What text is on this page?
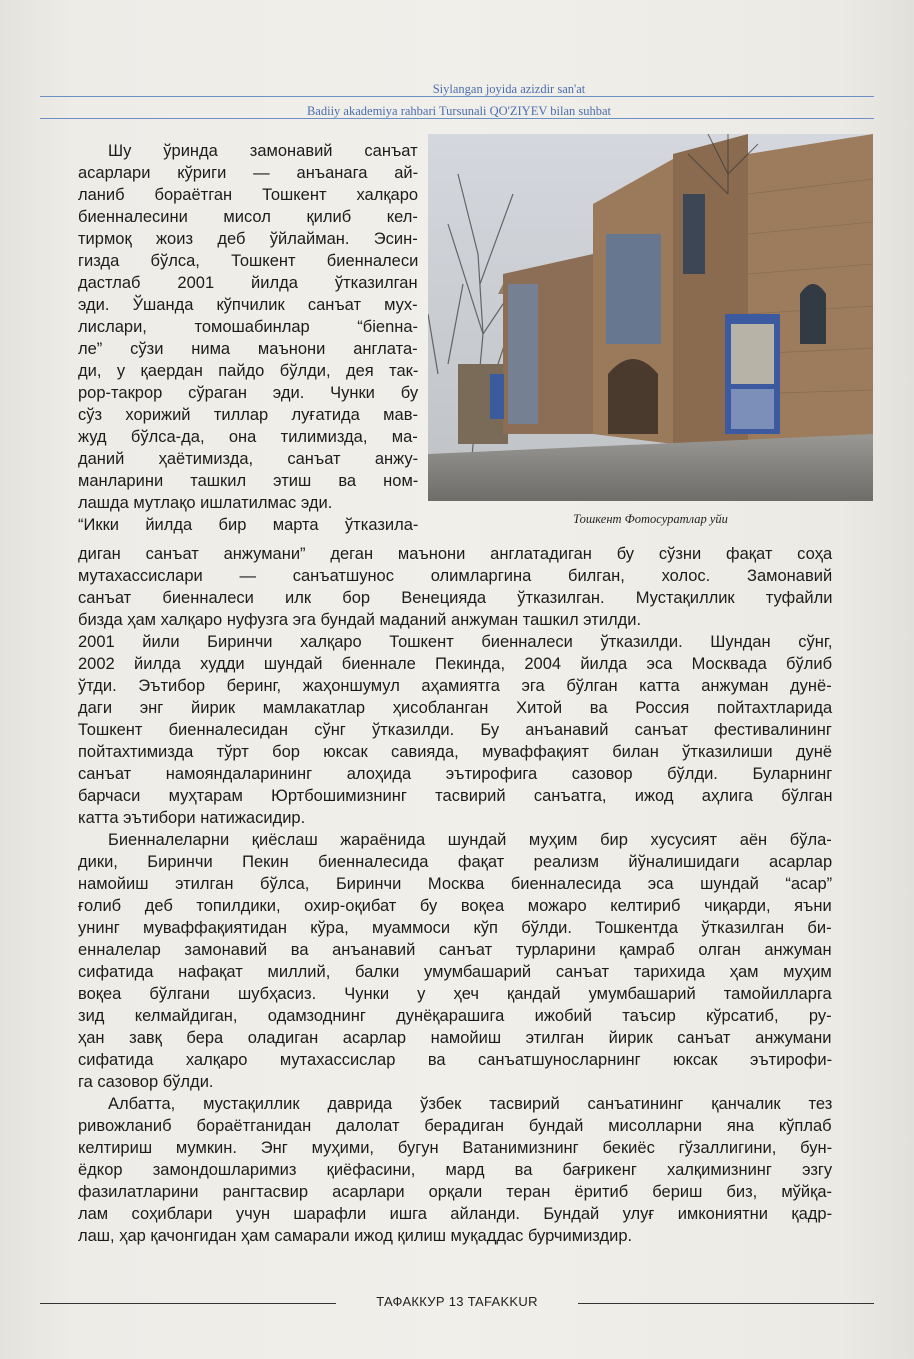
Siylangan joyida azizdir san'at
Badiiy akademiya rahbari Tursunali QO'ZIYEV bilan suhbat
Тошкент Фотосуратлар уйи
Шу ўринда замонавий санъат
асарлари кўриги — анъанага ай-
ланиб бораётган Тошкент халқаро
биенналесини мисол қилиб кел-
тирмоқ жоиз деб ўйлайман. Эсин-
гизда бўлса, Тошкент биенналеси
дастлаб 2001 йилда ўтказилган
эди. Ўшанда кўпчилик санъат мух-
лислари, томошабинлар “бienна-
ле” сўзи нима маънони англата-
ди, у қаердан пайдо бўлди, дея так-
рор-такрор сўраган эди. Чунки бу
сўз хорижий тиллар луғатида мав-
жуд бўлса-да, она тилимизда, ма-
даний ҳаётимизда, санъат анжу-
манларини ташкил этиш ва ном-
лашда мутлақо ишлатилмас эди.
“Икки йилда бир марта ўтказила-
диган санъат анжумани” деган маънони англатадиган бу сўзни фақат соҳа
мутахассислари — санъатшунос олимларгина билган, холос. Замонавий
санъат биенналеси илк бор Венецияда ўтказилган. Мустақиллик туфайли
бизда ҳам халқаро нуфузга эга бундай маданий анжуман ташкил этилди.
2001 йили Биринчи халқаро Тошкент биенналеси ўтказилди. Шундан сўнг,
2002 йилда худди шундай биеннале Пекинда, 2004 йилда эса Москвада бўлиб
ўтди. Эътибор беринг, жаҳоншумул аҳамиятга эга бўлган катта анжуман дунё-
даги энг йирик мамлакатлар ҳисобланган Хитой ва Россия пойтахтларида
Тошкент биенналесидан сўнг ўтказилди. Бу анъанавий санъат фестивалининг
пойтахтимизда тўрт бор юксак савияда, муваффақият билан ўтказилиши дунё
санъат намояндаларининг алоҳида эътирофига сазовор бўлди. Буларнинг
барчаси муҳтарам Юртбошимизнинг тасвирий санъатга, ижод аҳлига бўлган
катта эътибори натижасидир.
Биенналеларни қиёслаш жараёнида шундай муҳим бир хусусият аён бўла-
дики, Биринчи Пекин биенналесида фақат реализм йўналишидаги асарлар
намойиш этилган бўлса, Биринчи Москва биенналесида эса шундай “асар”
ғолиб деб топилдики, охир-оқибат бу воқеа можаро келтириб чиқарди, яъни
унинг муваффақиятидан кўра, муаммоси кўп бўлди. Тошкентда ўтказилган би-
енналелар замонавий ва анъанавий санъат турларини қамраб олган анжуман
сифатида нафақат миллий, балки умумбашарий санъат тарихида ҳам муҳим
воқеа бўлгани шубҳасиз. Чунки у ҳеч қандай умумбашарий тамойилларга
зид келмайдиган, одамзоднинг дунёқарашига ижобий таъсир кўрсатиб, ру-
ҳан завқ бера оладиган асарлар намойиш этилган йирик санъат анжумани
сифатида халқаро мутахассислар ва санъатшуносларнинг юксак эътирофи-
га сазовор бўлди.
Албатта, мустақиллик даврида ўзбек тасвирий санъатининг қанчалик тез
ривожланиб бораётганидан далолат берадиган бундай мисолларни яна кўплаб
келтириш мумкин. Энг муҳими, бугун Ватанимизнинг бекиёс гўзаллигини, бун-
ёдкор замондошларимиз қиёфасини, мард ва бағрикенг халқимизнинг эзгу
фазилатларини рангтасвир асарлари орқали теран ёритиб бериш биз, мўйқа-
лам соҳиблари учун шарафли ишга айланди. Бундай улуғ имкониятни қадр-
лаш, ҳар қачонгидан ҳам самарали ижод қилиш муқаддас бурчимиздир.
ТАФАККУР 13 TAFAKKUR
